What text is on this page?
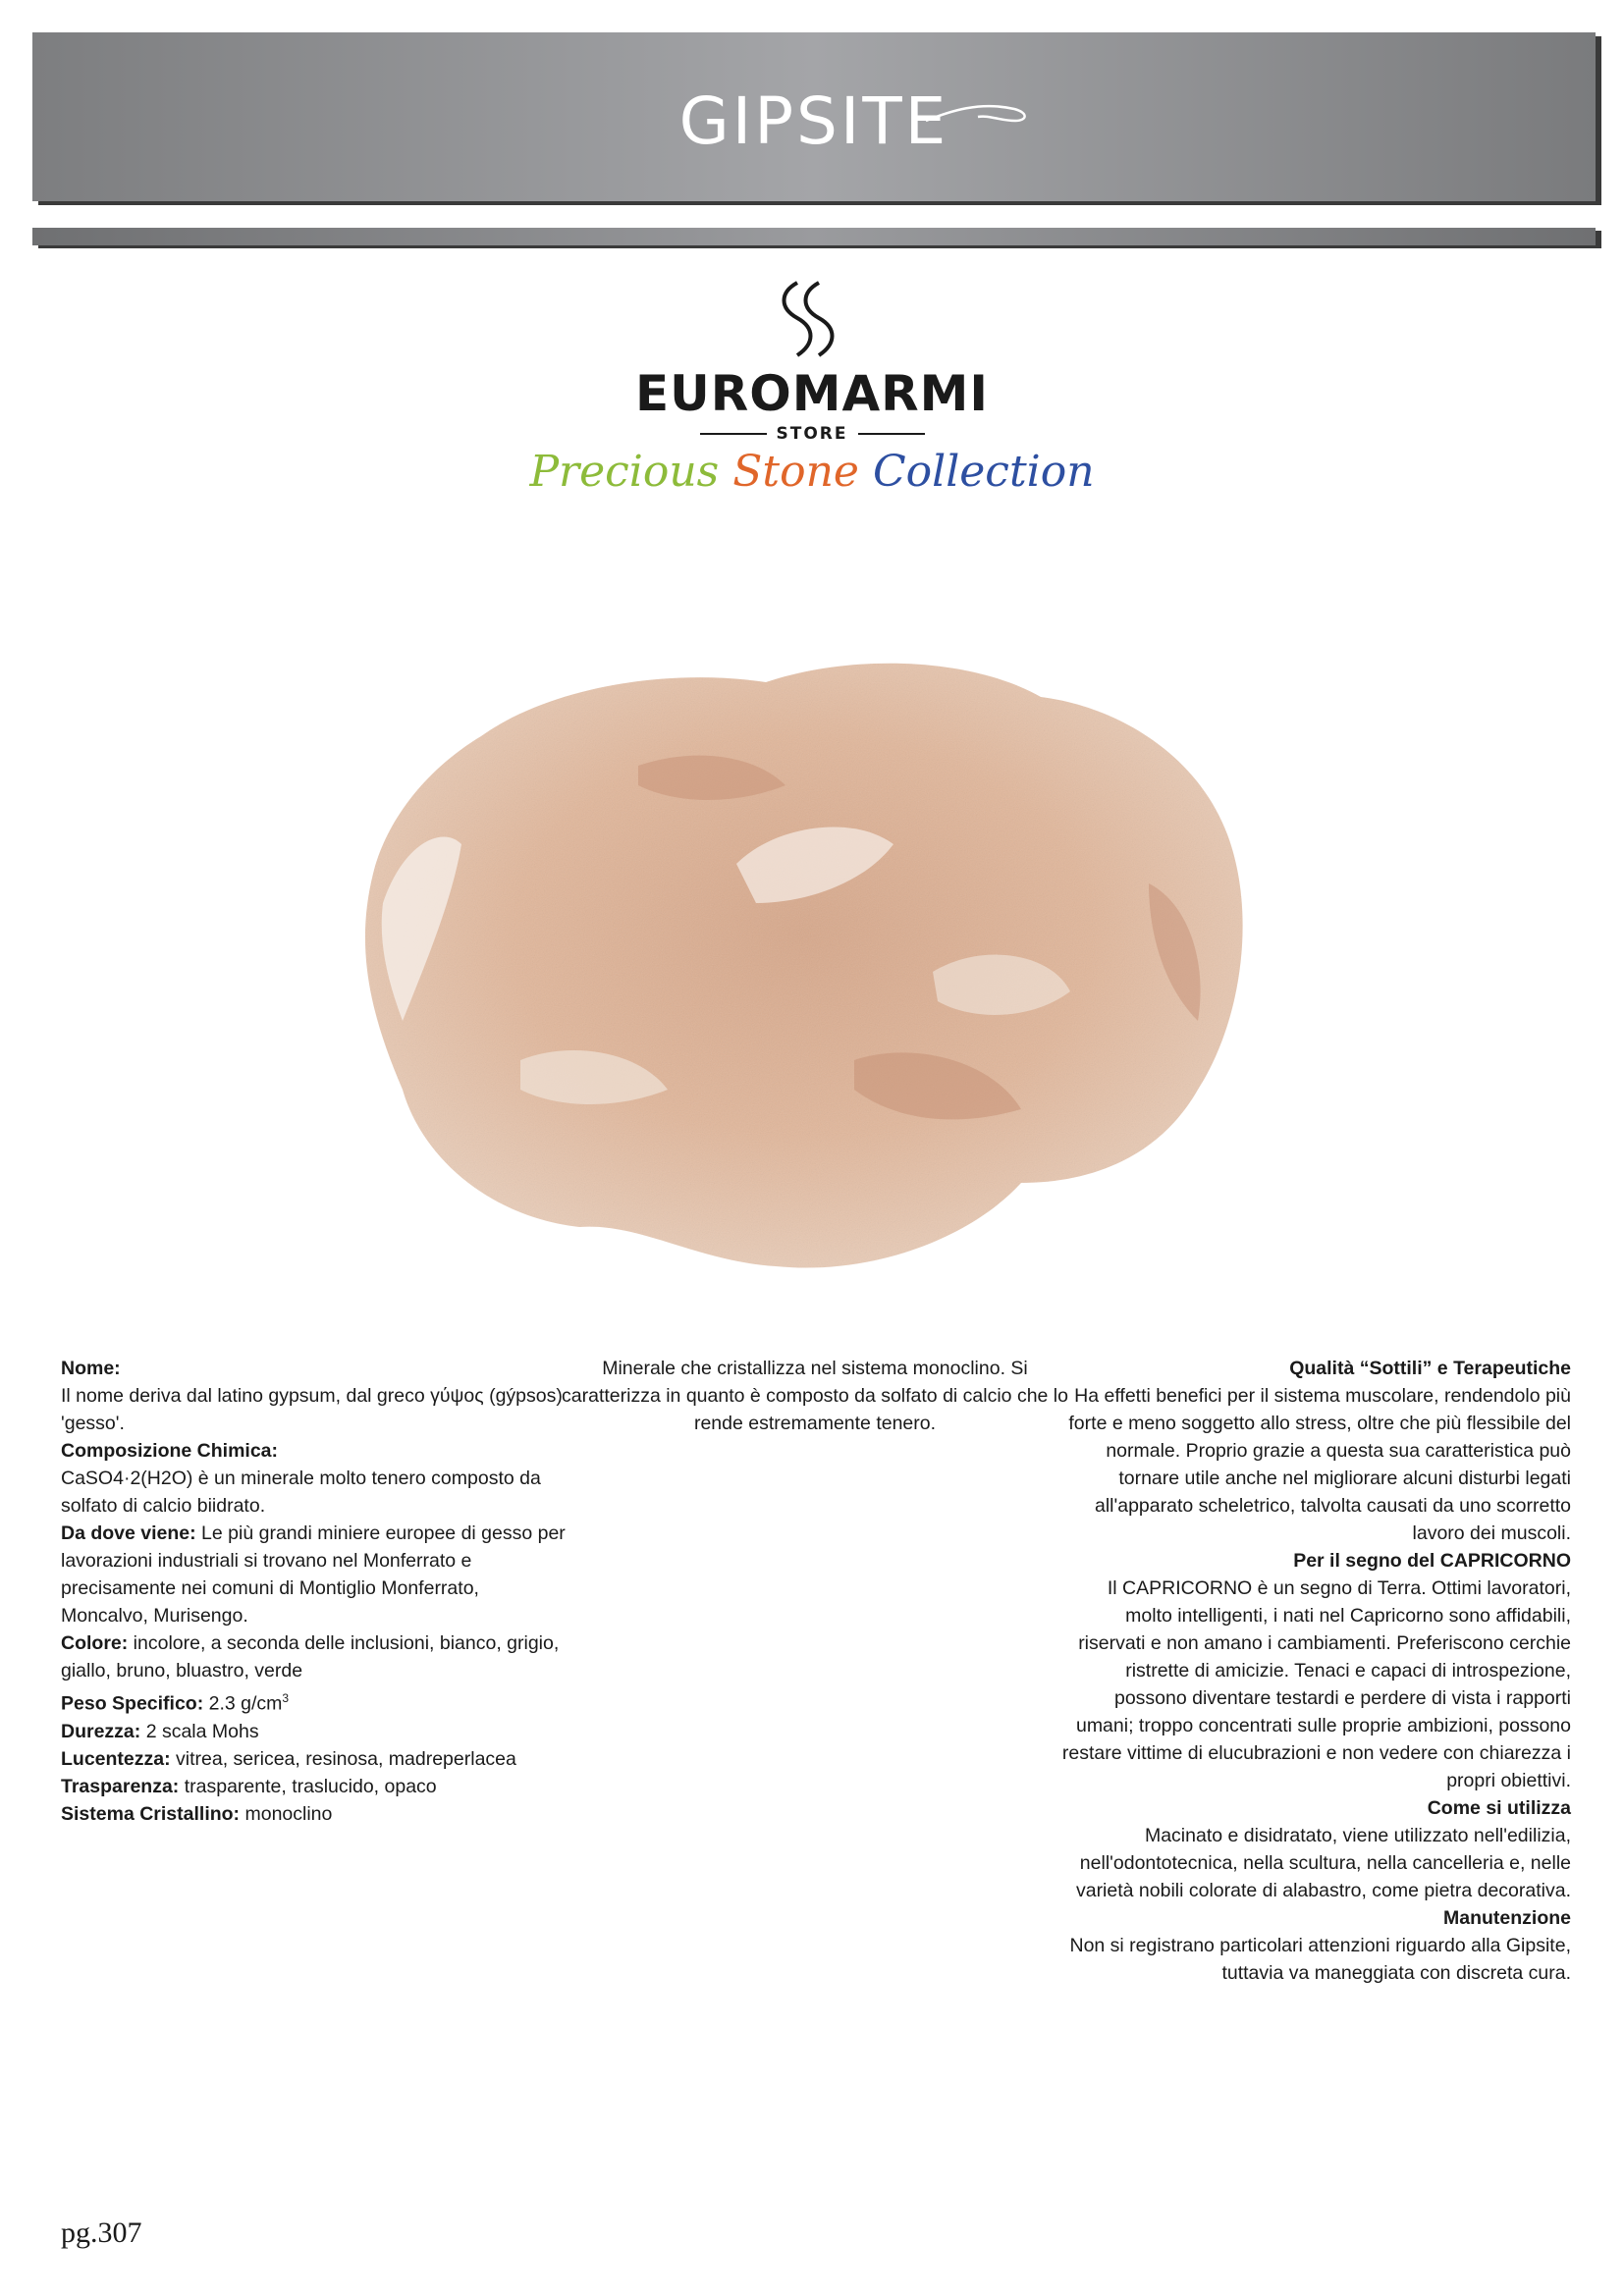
GIPSITE
EUROMARMI
STORE
Precious Stone Collection

Nome:

Il nome deriva dal latino gypsum, dal greco γύψος (gýpsos) 'gesso'.

Composizione Chimica:

CaSO4·2(H2O) è un minerale molto tenero composto da solfato di calcio biidrato.

Da dove viene: Le più grandi miniere europee di gesso per lavorazioni industriali si trovano nel Monferrato e precisamente nei comuni di Montiglio Monferrato, Moncalvo, Murisengo.

Colore: incolore, a seconda delle inclusioni, bianco, grigio, giallo, bruno, bluastro, verde

Peso Specifico: 2.3 $g/cm^3$

Durezza: 2 scala Mohs

Lucentezza: vitrea, sericea, resinosa, madreperlacea

Trasparenza: trasparente, traslucido, opaco

Sistema Cristallino: monoclino

Minerale che cristallizza nel sistema monoclino. Si caratterizza in quanto è composto da solfato di calcio che lo rende estremamente tenero.

Qualità “Sottili” e Terapeutiche

Ha effetti benefici per il sistema muscolare, rendendolo più forte e meno soggetto allo stress, oltre che più flessibile del normale. Proprio grazie a questa sua caratteristica può tornare utile anche nel migliorare alcuni disturbi legati all'apparato scheletrico, talvolta causati da uno scorretto lavoro dei muscoli.

Per il segno del CAPRICORNO

Il CAPRICORNO è un segno di Terra. Ottimi lavoratori, molto intelligenti, i nati nel Capricorno sono affidabili, riservati e non amano i cambiamenti. Preferiscono cerchie ristrette di amicizie. Tenaci e capaci di introspezione, possono diventare testardi e perdere di vista i rapporti umani; troppo concentrati sulle proprie ambizioni, possono restare vittime di elucubrazioni e non vedere con chiarezza i propri obiettivi.

Come si utilizza

Macinato e disidratato, viene utilizzato nell'edilizia, nell'odontotecnica, nella scultura, nella cancelleria e, nelle varietà nobili colorate di alabastro, come pietra decorativa.

Manutenzione

Non si registrano particolari attenzioni riguardo alla Gipsite, tuttavia va maneggiata con discreta cura.

pg.307
